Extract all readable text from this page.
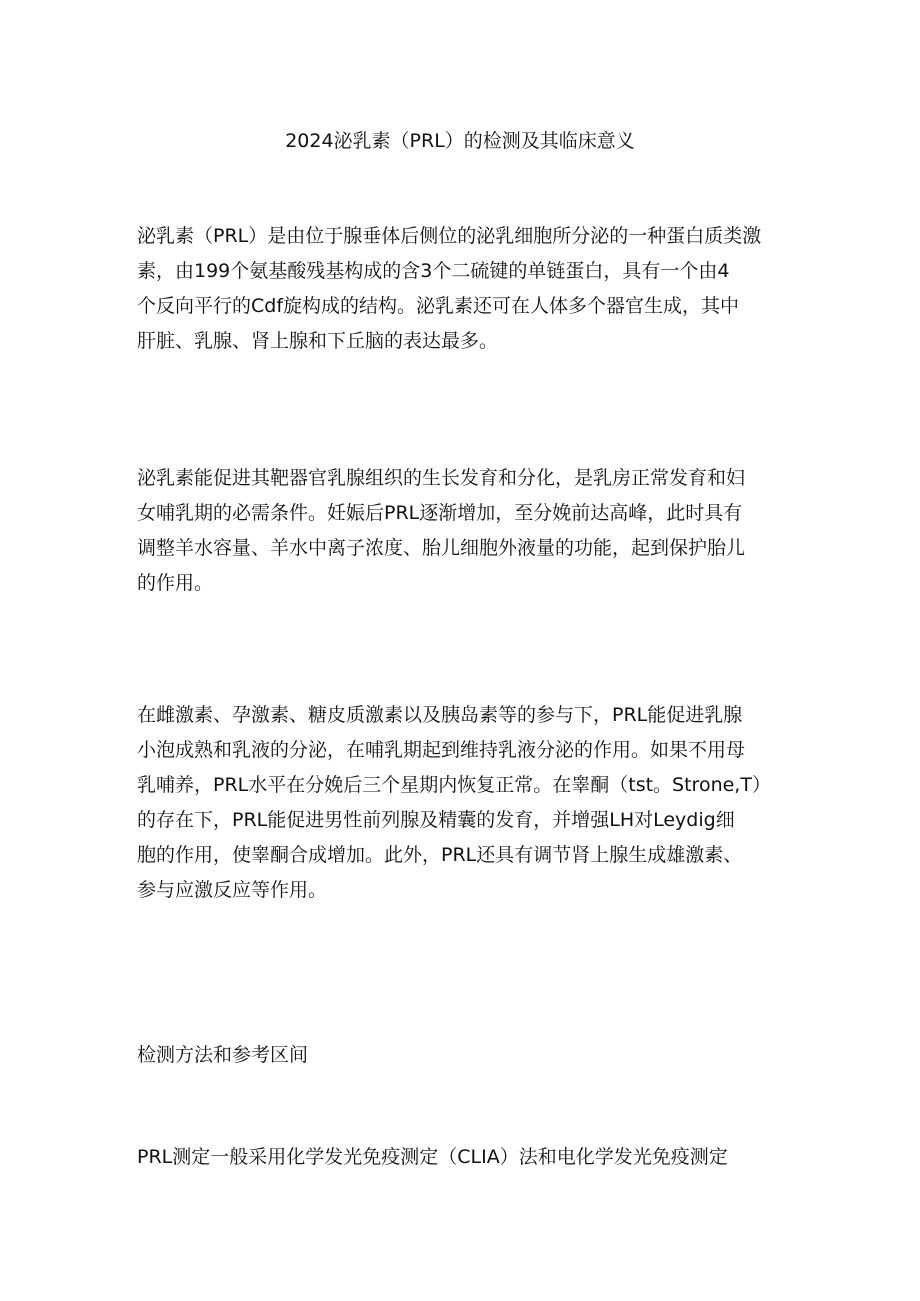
2024泌乳素（PRL）的检测及其临床意义
泌乳素（PRL）是由位于腺垂体后侧位的泌乳细胞所分泌的一种蛋白质类激
素，由199个氨基酸残基构成的含3个二硫键的单链蛋白，具有一个由4
个反向平行的Cdf旋构成的结构。泌乳素还可在人体多个器官生成，其中
肝脏、乳腺、肾上腺和下丘脑的表达最多。
泌乳素能促进其靶器官乳腺组织的生长发育和分化，是乳房正常发育和妇
女哺乳期的必需条件。妊娠后PRL逐渐增加，至分娩前达高峰，此时具有
调整羊水容量、羊水中离子浓度、胎儿细胞外液量的功能，起到保护胎儿
的作用。
在雌激素、孕激素、糖皮质激素以及胰岛素等的参与下，PRL能促进乳腺
小泡成熟和乳液的分泌，在哺乳期起到维持乳液分泌的作用。如果不用母
乳哺养，PRL水平在分娩后三个星期内恢复正常。在睾酮（tst。Strone,T）
的存在下，PRL能促进男性前列腺及精囊的发育，并增强LH对Leydig细
胞的作用，使睾酮合成增加。此外，PRL还具有调节肾上腺生成雄激素、
参与应激反应等作用。
检测方法和参考区间
PRL测定一般采用化学发光免疫测定（CLIA）法和电化学发光免疫测定
